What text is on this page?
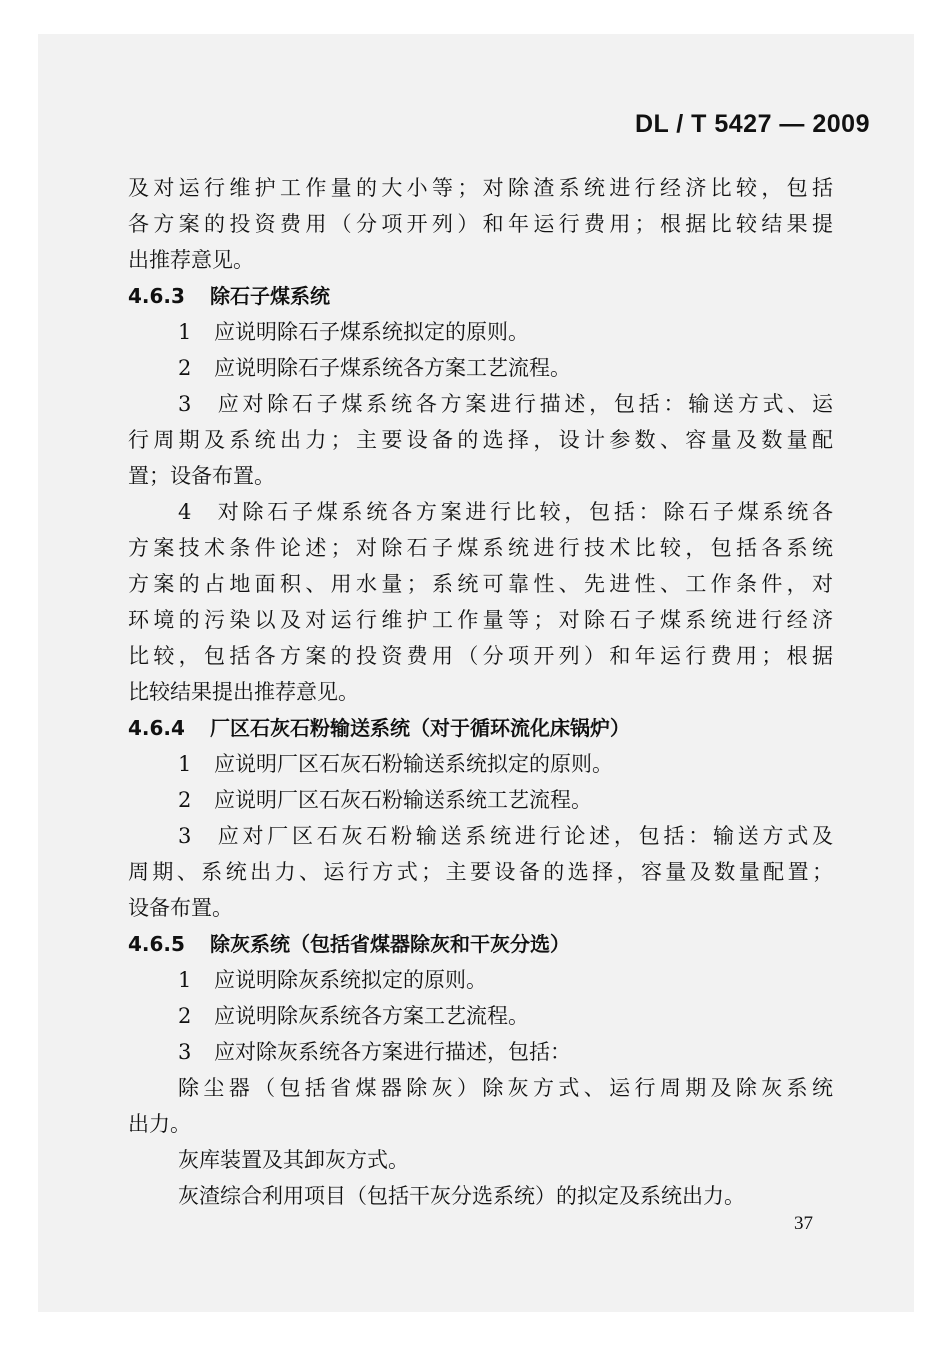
DL / T 5427 — 2009
及对运行维护工作量的大小等；对除渣系统进行经济比较，包括
各方案的投资费用（分项开列）和年运行费用；根据比较结果提
出推荐意见。
4.6.3 除石子煤系统
1 应说明除石子煤系统拟定的原则。
2 应说明除石子煤系统各方案工艺流程。
3 应对除石子煤系统各方案进行描述，包括：输送方式、运
行周期及系统出力；主要设备的选择，设计参数、容量及数量配
置；设备布置。
4 对除石子煤系统各方案进行比较，包括：除石子煤系统各
方案技术条件论述；对除石子煤系统进行技术比较，包括各系统
方案的占地面积、用水量；系统可靠性、先进性、工作条件，对
环境的污染以及对运行维护工作量等；对除石子煤系统进行经济
比较，包括各方案的投资费用（分项开列）和年运行费用；根据
比较结果提出推荐意见。
4.6.4 厂区石灰石粉输送系统（对于循环流化床锅炉）
1 应说明厂区石灰石粉输送系统拟定的原则。
2 应说明厂区石灰石粉输送系统工艺流程。
3 应对厂区石灰石粉输送系统进行论述，包括：输送方式及
周期、系统出力、运行方式；主要设备的选择，容量及数量配置；
设备布置。
4.6.5 除灰系统（包括省煤器除灰和干灰分选）
1 应说明除灰系统拟定的原则。
2 应说明除灰系统各方案工艺流程。
3 应对除灰系统各方案进行描述，包括：
除尘器（包括省煤器除灰）除灰方式、运行周期及除灰系统
出力。
灰库装置及其卸灰方式。
灰渣综合利用项目（包括干灰分选系统）的拟定及系统出力。
37
